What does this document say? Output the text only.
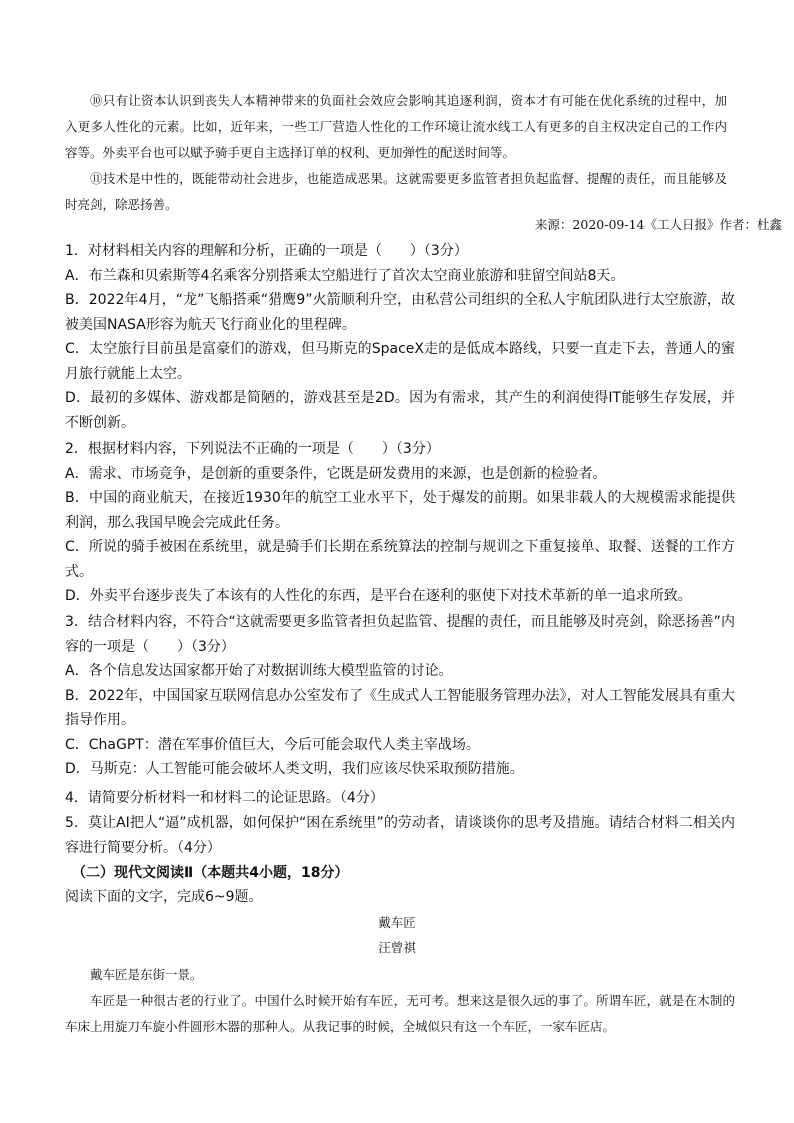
⑩只有让资本认识到丧失人本精神带来的负面社会效应会影响其追逐利润，资本才有可能在优化系统的过程中，加入更多人性化的元素。比如，近年来，一些工厂营造人性化的工作环境让流水线工人有更多的自主权决定自己的工作内容等。外卖平台也可以赋予骑手更自主选择订单的权利、更加弹性的配送时间等。
⑪技术是中性的，既能带动社会进步，也能造成恶果。这就需要更多监管者担负起监督、提醒的责任，而且能够及时亮剑，除恶扬善。
来源：2020-09-14《工人日报》作者：杜鑫

1．对材料相关内容的理解和分析，正确的一项是（　　）（3分）

A．布兰森和贝索斯等4名乘客分别搭乘太空船进行了首次太空商业旅游和驻留空间站8天。

B．2022年4月，“龙”飞船搭乘“猎鹰9”火箭顺利升空，由私营公司组织的全私人宇航团队进行太空旅游，故被美国NASA形容为航天飞行商业化的里程碑。

C．太空旅行目前虽是富豪们的游戏，但马斯克的SpaceX走的是低成本路线，只要一直走下去，普通人的蜜月旅行就能上太空。

D．最初的多媒体、游戏都是简陋的，游戏甚至是2D。因为有需求，其产生的利润使得IT能够生存发展，并不断创新。

2．根据材料内容，下列说法不正确的一项是（　　）（3分）

A．需求、市场竞争，是创新的重要条件，它既是研发费用的来源，也是创新的检验者。

B．中国的商业航天，在接近1930年的航空工业水平下，处于爆发的前期。如果非载人的大规模需求能提供利润，那么我国早晚会完成此任务。

C．所说的骑手被困在系统里，就是骑手们长期在系统算法的控制与规训之下重复接单、取餐、送餐的工作方式。

D．外卖平台逐步丧失了本该有的人性化的东西，是平台在逐利的驱使下对技术革新的单一追求所致。

3．结合材料内容，不符合“这就需要更多监管者担负起监管、提醒的责任，而且能够及时亮剑，除恶扬善”内容的一项是（　　）（3分）

A．各个信息发达国家都开始了对数据训练大模型监管的讨论。

B．2022年，中国国家互联网信息办公室发布了《生成式人工智能服务管理办法》，对人工智能发展具有重大指导作用。

C．ChaGPT：潜在军事价值巨大，今后可能会取代人类主宰战场。

D．马斯克：人工智能可能会破坏人类文明，我们应该尽快采取预防措施。

4．请简要分析材料一和材料二的论证思路。（4分）

5．莫让AI把人“逼”成机器，如何保护“困在系统里”的劳动者，请谈谈你的思考及措施。请结合材料二相关内容进行简要分析。（4分）

（二）现代文阅读Ⅱ（本题共4小题，18分）
阅读下面的文字，完成6~9题。
戴车匠
汪曾祺
戴车匠是东街一景。
车匠是一种很古老的行业了。中国什么时候开始有车匠，无可考。想来这是很久远的事了。所谓车匠，就是在木制的车床上用旋刀车旋小件圆形木器的那种人。从我记事的时候，全城似只有这一个车匠，一家车匠店。
